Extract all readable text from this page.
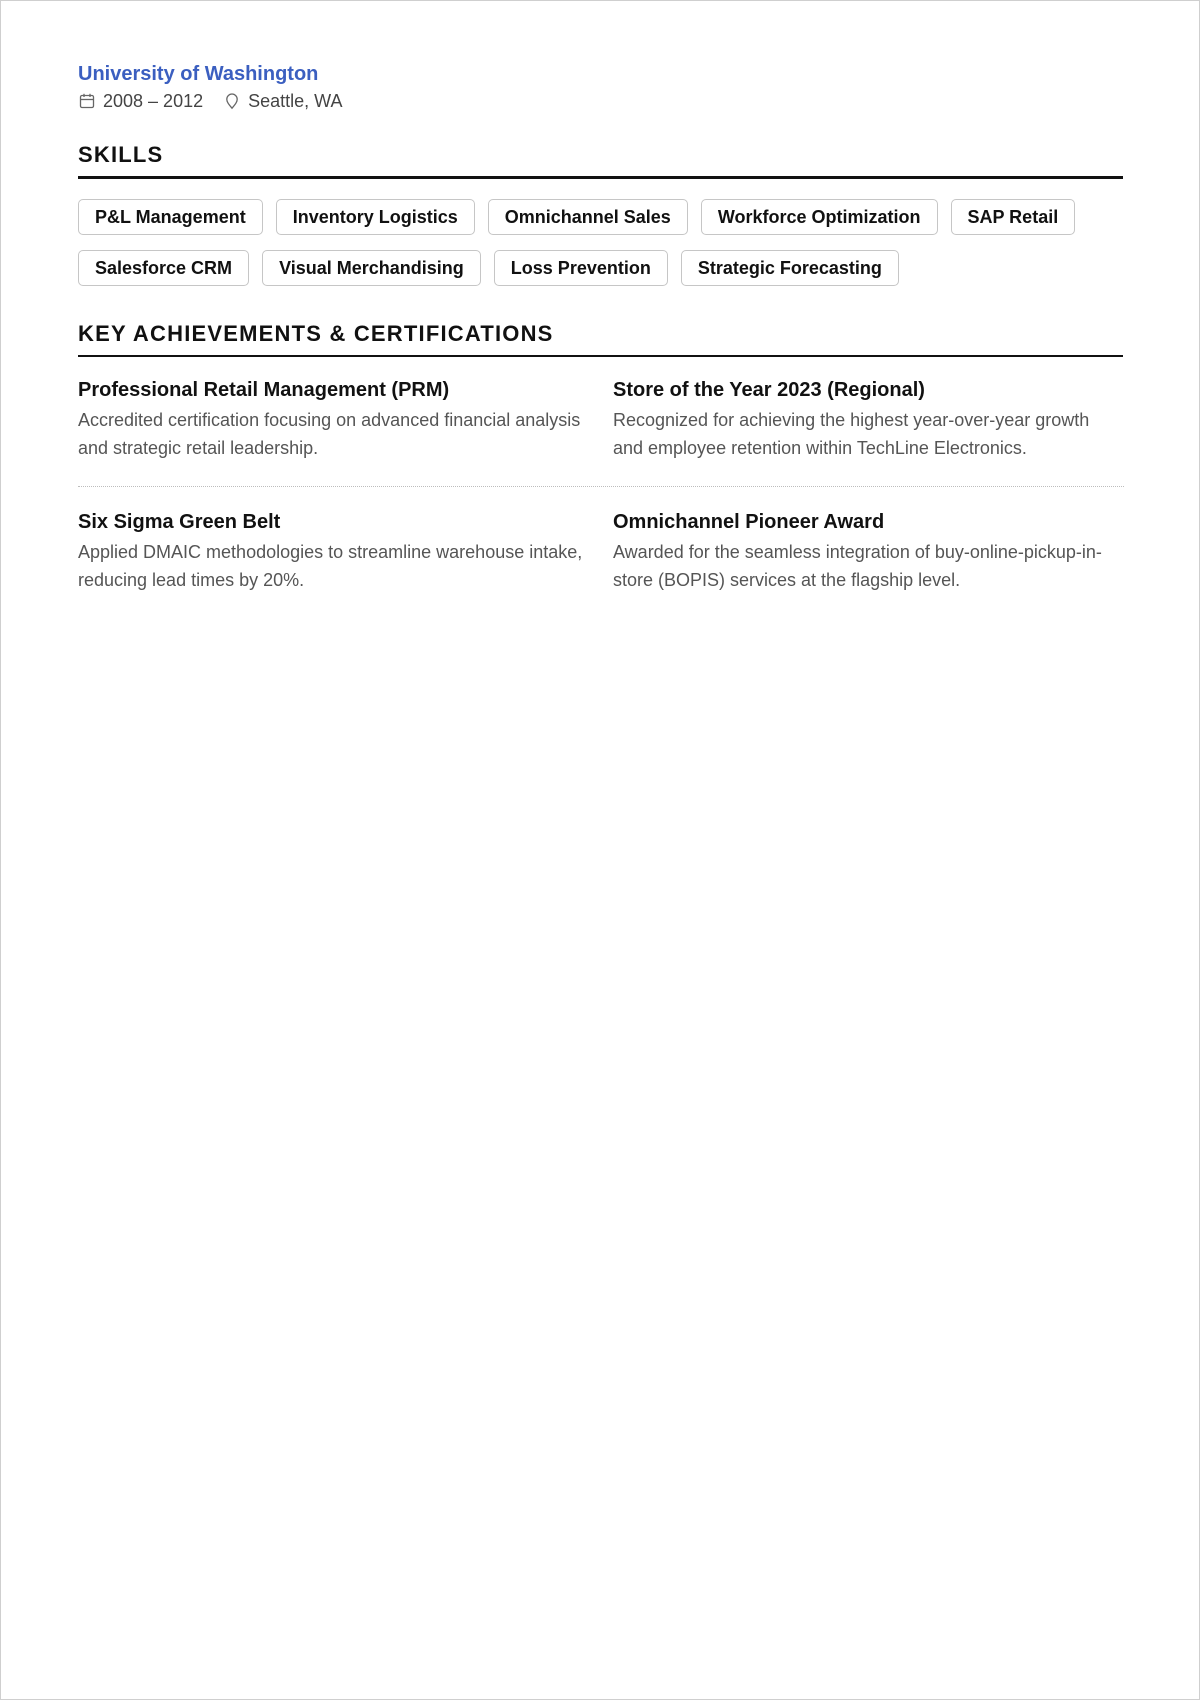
University of Washington
2008 – 2012	Seattle, WA
SKILLS
P&L Management	Inventory Logistics	Omnichannel Sales	Workforce Optimization	SAP Retail
Salesforce CRM	Visual Merchandising	Loss Prevention	Strategic Forecasting
KEY ACHIEVEMENTS & CERTIFICATIONS
Professional Retail Management (PRM)

Accredited certification focusing on advanced financial analysis and strategic retail leadership.

Store of the Year 2023 (Regional)

Recognized for achieving the highest year-over-year growth and employee retention within TechLine Electronics.

Six Sigma Green Belt

Applied DMAIC methodologies to streamline warehouse intake, reducing lead times by 20%.

Omnichannel Pioneer Award

Awarded for the seamless integration of buy-online-pickup-in-store (BOPIS) services at the flagship level.
